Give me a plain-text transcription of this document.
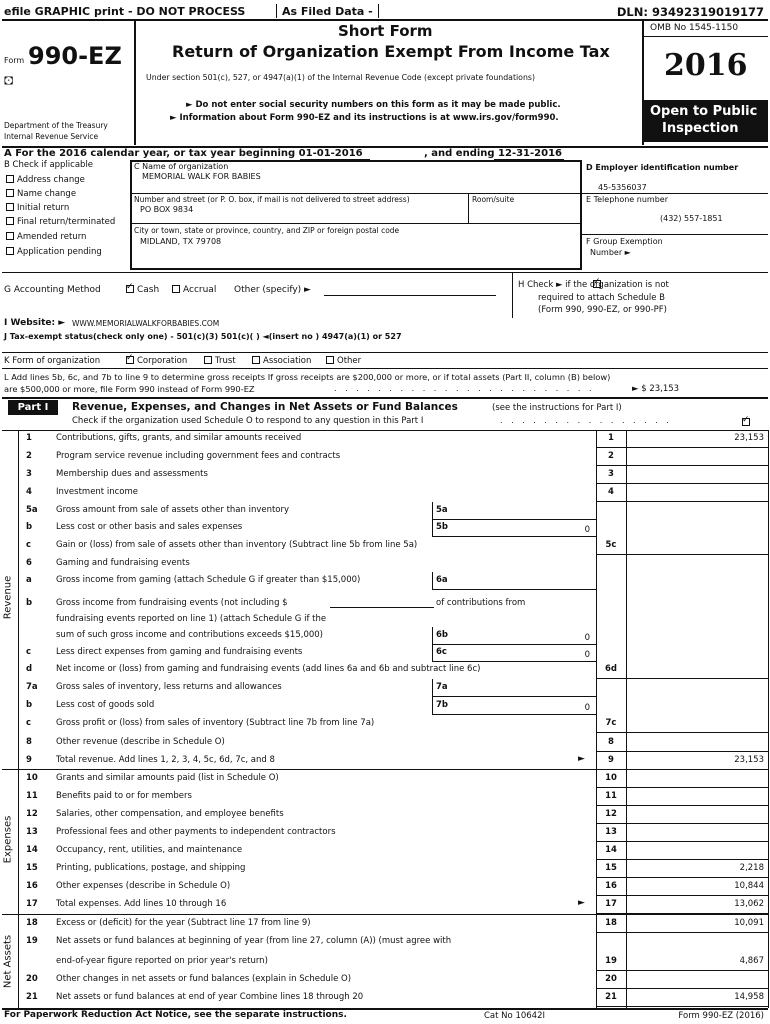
efile GRAPHIC print - DO NOT PROCESS	As Filed Data -	DLN: 93492319019177
Form 990-EZ
🖸
Department of the Treasury
Internal Revenue Service
Short Form
Return of Organization Exempt From Income Tax
Under section 501(c), 527, or 4947(a)(1) of the Internal Revenue Code (except private foundations)
► Do not enter social security numbers on this form as it may be made public.
► Information about Form 990-EZ and its instructions is at www.irs.gov/form990.
OMB No 1545-1150
2016
Open to Public
Inspection
A For the 2016 calendar year, or tax year beginning 01-01-2016	, and ending 12-31-2016
B Check if applicable
Address change
Name change
Initial return
Final return/terminated
Amended return
Application pending
C Name of organization
MEMORIAL WALK FOR BABIES
Number and street (or P. O. box, if mail is not delivered to street address)
PO BOX 9834
Room/suite
City or town, state or province, country, and ZIP or foreign postal code
MIDLAND, TX 79708
D Employer identification number
45-5356037
E Telephone number
(432) 557-1851
F Group Exemption
Number ►
G Accounting Method ✓	Cash	Accrual Other (specify) ►	H Check ► if the organization is not
✓
required to attach Schedule B
(Form 990, 990-EZ, or 990-PF)
I Website: ► WWW.MEMORIALWALKFORBABIES.COM
J Tax-exempt status(check only one) - 501(c)(3) 501(c)( ) ◄(insert no ) 4947(a)(1) or 527
K Form of organization ✓	Corporation	Trust	Association	Other
L Add lines 5b, 6c, and 7b to line 9 to determine gross receipts If gross receipts are $200,000 or more, or if total assets (Part II, column (B) below)
are $500,000 or more, file Form 990 instead of Form 990-EZ	. . . . . . . . . . . . . . . . . . . . . . . .	► $ 23,153
Part I	Revenue, Expenses, and Changes in Net Assets or Fund Balances	(see the instructions for Part I)
Check if the organization used Schedule O to respond to any question in this Part I	. . . . . . . . . . . . . . . .
✓
Revenue
Expenses
Net Assets
1	Contributions, gifts, grants, and similar amounts received	1	23,153
2	Program service revenue including government fees and contracts	2
3	Membership dues and assessments	3
4	Investment income	4
5a Gross amount from sale of assets other than inventory	5a
b	Less cost or other basis and sales expenses	5b	0
c	Gain or (loss) from sale of assets other than inventory (Subtract line 5b from line 5a)	5c
6	Gaming and fundraising events
a	Gross income from gaming (attach Schedule G if greater than $15,000)	6a
b	Gross income from fundraising events (not including $	of contributions from
fundraising events reported on line 1) (attach Schedule G if the
sum of such gross income and contributions exceeds $15,000)	6b	0
c	Less direct expenses from gaming and fundraising events	6c	0
d	Net income or (loss) from gaming and fundraising events (add lines 6a and 6b and subtract line 6c)	6d
7a Gross sales of inventory, less returns and allowances	7a
b	Less cost of goods sold	7b	0
c	Gross profit or (loss) from sales of inventory (Subtract line 7b from line 7a)	7c
8	Other revenue (describe in Schedule O)	8
9	Total revenue. Add lines 1, 2, 3, 4, 5c, 6d, 7c, and 8	9	23,153
►
10 Grants and similar amounts paid (list in Schedule O)	10
11 Benefits paid to or for members	11
12 Salaries, other compensation, and employee benefits	12
13 Professional fees and other payments to independent contractors	13
14 Occupancy, rent, utilities, and maintenance	14
15 Printing, publications, postage, and shipping	15	2,218
16 Other expenses (describe in Schedule O)	16	10,844
17 Total expenses. Add lines 10 through 16	17	13,062
►
18 Excess or (deficit) for the year (Subtract line 17 from line 9)	18	10,091
19 Net assets or fund balances at beginning of year (from line 27, column (A)) (must agree with
end-of-year figure reported on prior year's return)	19	4,867
20 Other changes in net assets or fund balances (explain in Schedule O)	20
21 Net assets or fund balances at end of year Combine lines 18 through 20	21	14,958
For Paperwork Reduction Act Notice, see the separate instructions.	Cat No 10642I	Form 990-EZ (2016)
